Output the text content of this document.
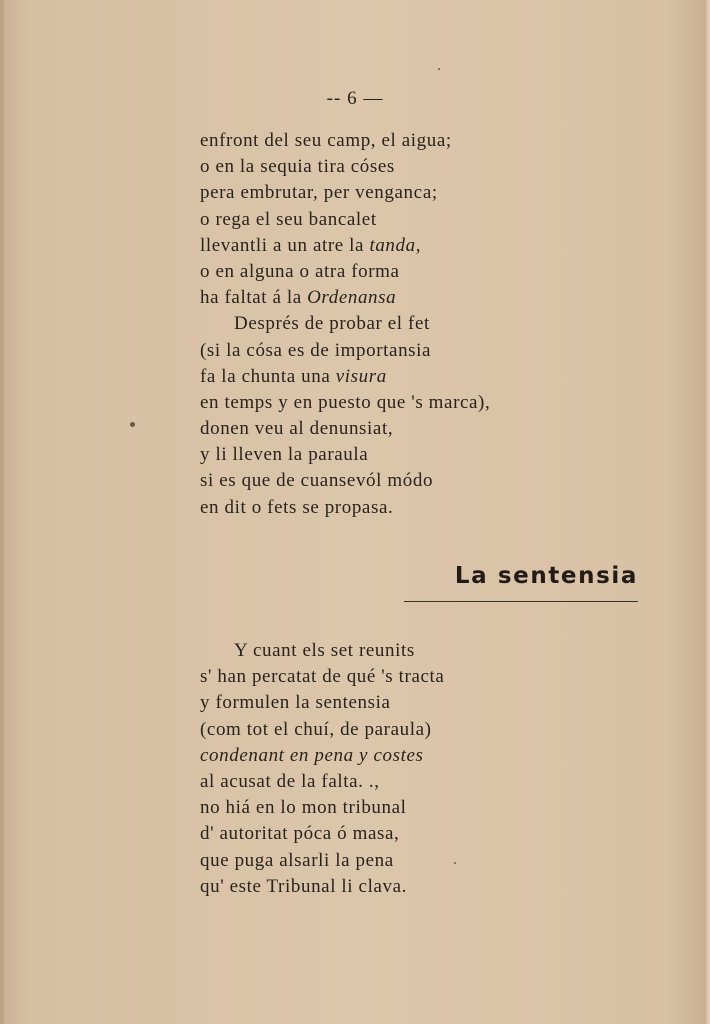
-- 6 —
enfront del seu camp, el aigua;
o en la sequia tira cóses
pera embrutar, per venganса;
o rega el seu bancalet
llevantli a un atre la tanda,
o en alguna o atra forma
ha faltat á la Ordenansa
Després de probar el fet
(si la cósa es de importansia
fa la chunta una visura
en temps y en puesto que 's marca),
donen veu al denunsiat,
y li lleven la paraula
si es que de cuansevól módo
en dit o fets se propasa.
La sentensia
Y cuant els set reunits
s' han percatat de qué 's tracta
y formulen la sentensia
(com tot el chuí, de paraula)
condenant en pena y costes
al acusat de la falta. .,
no hiá en lo mon tribunal
d' autoritat póca ó masa,
que puga alsarli la pena
qu' este Tribunal li clava.
